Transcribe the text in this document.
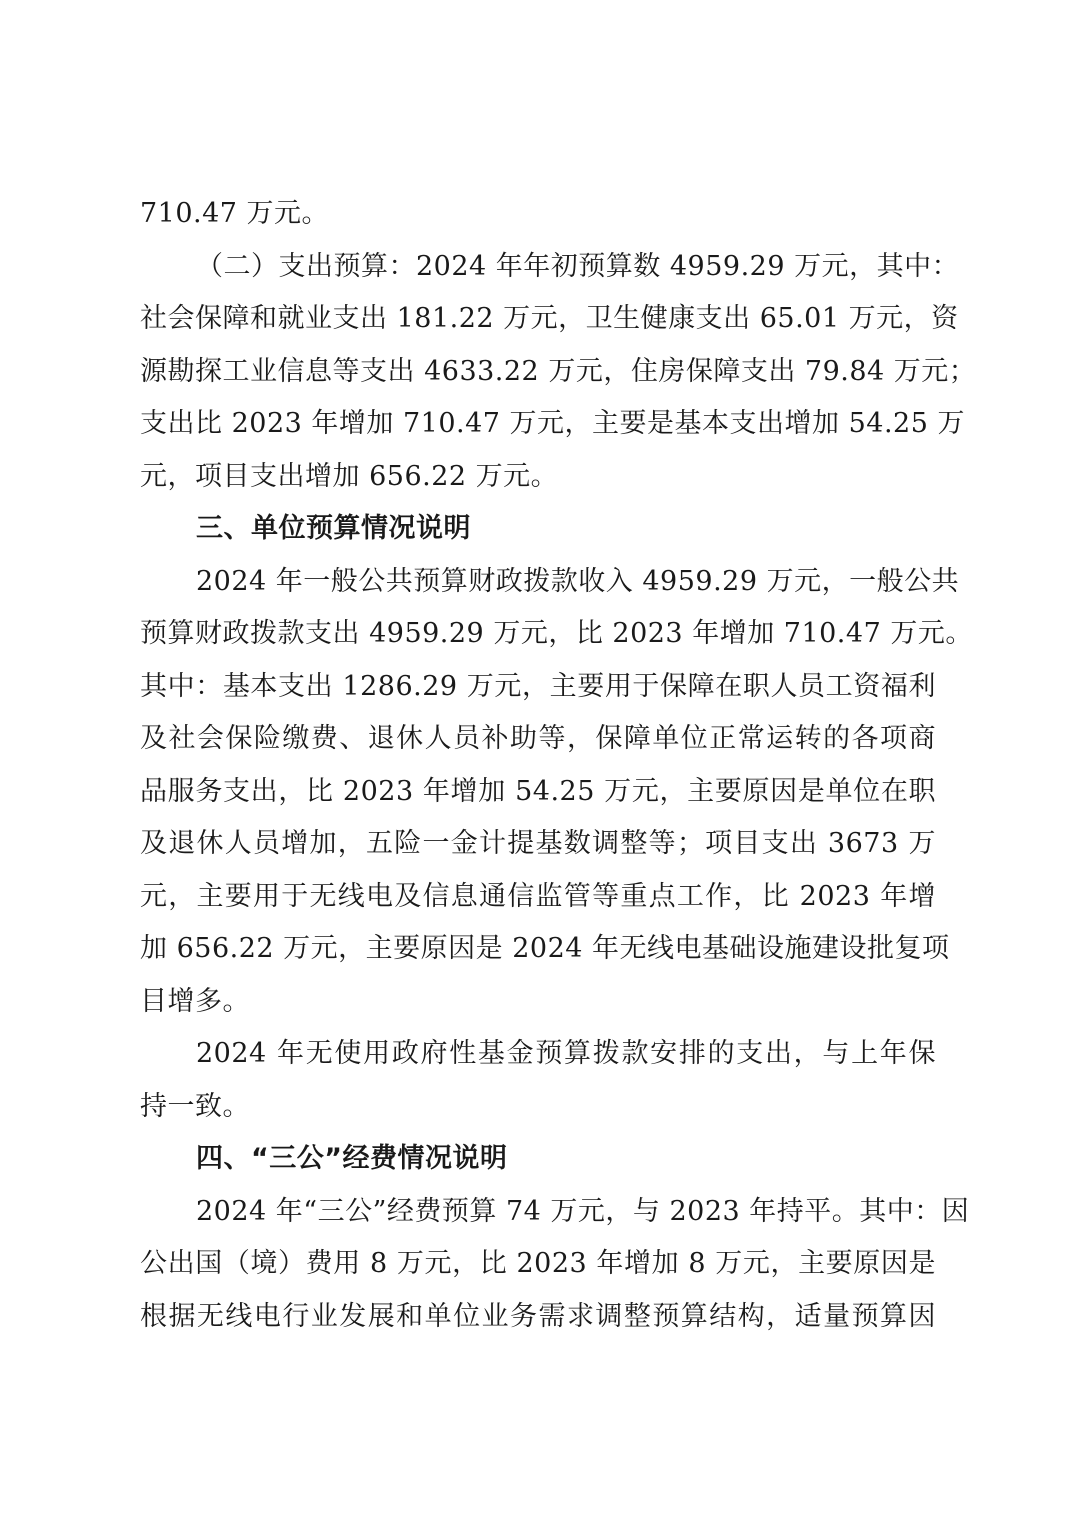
710.47 万元。
（二）支出预算：2024 年年初预算数 4959.29 万元，其中：
社会保障和就业支出 181.22 万元，卫生健康支出 65.01 万元，资
源勘探工业信息等支出 4633.22 万元，住房保障支出 79.84 万元；
支出比 2023 年增加 710.47 万元，主要是基本支出增加 54.25 万
元，项目支出增加 656.22 万元。
三、单位预算情况说明
2024 年一般公共预算财政拨款收入 4959.29 万元，一般公共
预算财政拨款支出 4959.29 万元，比 2023 年增加 710.47 万元。
其中：基本支出 1286.29 万元，主要用于保障在职人员工资福利
及社会保险缴费、退休人员补助等，保障单位正常运转的各项商
品服务支出，比 2023 年增加 54.25 万元，主要原因是单位在职
及退休人员增加，五险一金计提基数调整等；项目支出 3673 万
元，主要用于无线电及信息通信监管等重点工作，比 2023 年增
加 656.22 万元，主要原因是 2024 年无线电基础设施建设批复项
目增多。
2024 年无使用政府性基金预算拨款安排的支出，与上年保
持一致。
四、“三公”经费情况说明
2024 年“三公”经费预算 74 万元，与 2023 年持平。其中：因
公出国（境）费用 8 万元，比 2023 年增加 8 万元，主要原因是
根据无线电行业发展和单位业务需求调整预算结构，适量预算因
